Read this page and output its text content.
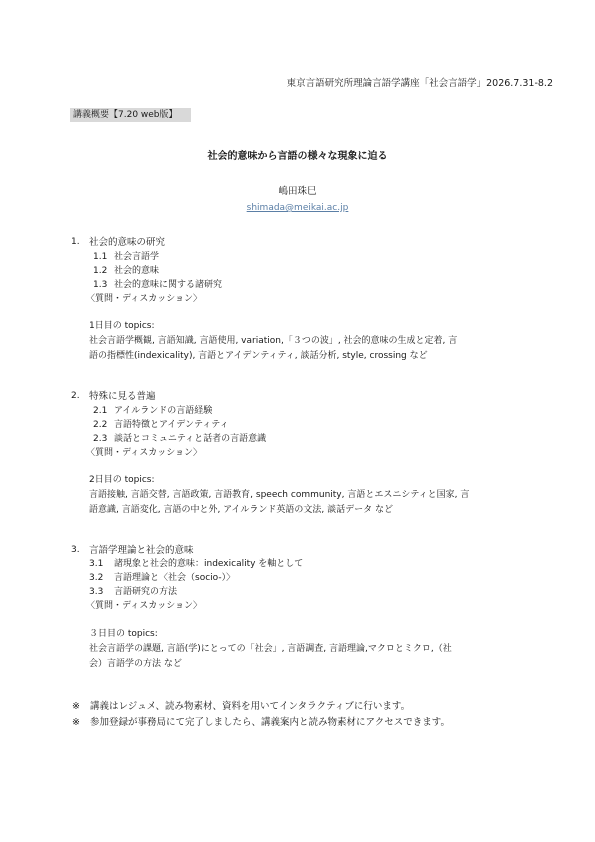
東京言語研究所理論言語学講座「社会言語学」2026.7.31-8.2
講義概要【7.20 web版】
社会的意味から言語の様々な現象に迫る
嶋田珠巳
shimada@meikai.ac.jp
1. 社会的意味の研究
1.1 社会言語学
1.2 社会的意味
1.3 社会的意味に関する諸研究
〈質問・ディスカッション〉
1日目の topics:
社会言語学概観, 言語知識, 言語使用, variation,「３つの波」, 社会的意味の生成と定着, 言
語の指標性(indexicality), 言語とアイデンティティ, 談話分析, style, crossing など
2. 特殊に見る普遍
2.1 アイルランドの言語経験
2.2 言語特徴とアイデンティティ
2.3 談話とコミュニティと話者の言語意識
〈質問・ディスカッション〉
2日目の topics:
言語接触, 言語交替, 言語政策, 言語教育, speech community, 言語とエスニシティと国家, 言
語意識, 言語変化, 言語の中と外, アイルランド英語の文法, 談話データ など
3. 言語学理論と社会的意味
3.1 諸現象と社会的意味：indexicality を軸として
3.2 言語理論と〈社会（socio-）〉
3.3 言語研究の方法
〈質問・ディスカッション〉
３日目の topics:
社会言語学の課題, 言語(学)にとっての「社会」, 言語調査, 言語理論,マクロとミクロ,（社
会）言語学の方法 など
※ 講義はレジュメ、読み物素材、資料を用いてインタラクティブに行います。
※ 参加登録が事務局にて完了しましたら、講義案内と読み物素材にアクセスできます。
